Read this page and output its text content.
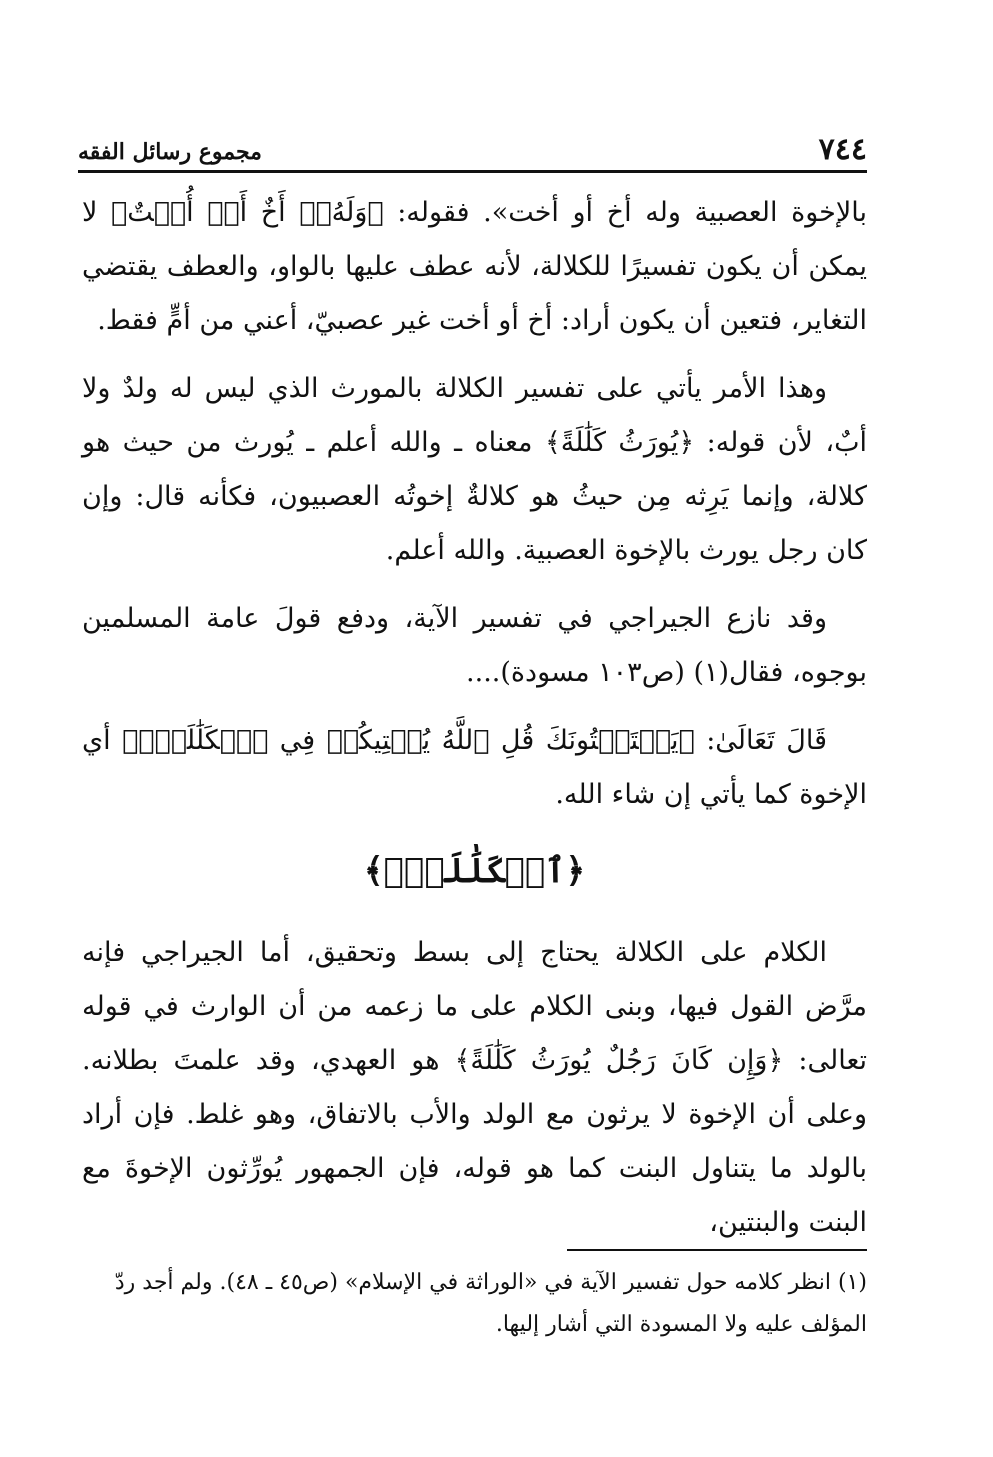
٧٤٤
مجموع رسائل الفقه

بالإخوة العصبية وله أخ أو أخت». فقوله: ﴿وَلَهُۥٓ أَخٌ أَوۡ أُخۡتٌ﴾ لا يمكن أن يكون تفسيرًا للكلالة، لأنه عطف عليها بالواو، والعطف يقتضي التغاير، فتعين أن يكون أراد: أخ أو أخت غير عصبيّ، أعني من أمٍّ فقط.

وهذا الأمر يأتي على تفسير الكلالة بالمورث الذي ليس له ولدٌ ولا أبٌ، لأن قوله: ﴿يُورَثُ كَلَٰلَةً﴾ معناه ـ والله أعلم ـ يُورث من حيث هو كلالة، وإنما يَرِثه مِن حيثُ هو كلالةٌ إخوتُه العصبيون، فكأنه قال: وإن كان رجل يورث بالإخوة العصبية. والله أعلم.

وقد نازع الجيراجي في تفسير الآية، ودفع قولَ عامة المسلمين بوجوه، فقال(١) (ص١٠٣ مسودة)....

قَالَ تَعَالَىٰ: ﴿يَسۡتَفۡتُونَكَ قُلِ ٱللَّهُ يُفۡتِيكُمۡ فِي ٱلۡكَلَٰلَةِۚ﴾ أي الإخوة كما يأتي إن شاء الله.

﴿ٱلۡكَلَٰلَةِۚ﴾

الكلام على الكلالة يحتاج إلى بسط وتحقيق، أما الجيراجي فإنه مرَّض القول فيها، وبنى الكلام على ما زعمه من أن الوارث في قوله تعالى: ﴿وَإِن كَانَ رَجُلٌ يُورَثُ كَلَٰلَةً﴾ هو العهدي، وقد علمتَ بطلانه. وعلى أن الإخوة لا يرثون مع الولد والأب بالاتفاق، وهو غلط. فإن أراد بالولد ما يتناول البنت كما هو قوله، فإن الجمهور يُورِّثون الإخوةَ مع البنت والبنتين،

(١) انظر كلامه حول تفسير الآية في «الوراثة في الإسلام» (ص٤٥ ـ ٤٨). ولم أجد ردّ المؤلف عليه ولا المسودة التي أشار إليها.
